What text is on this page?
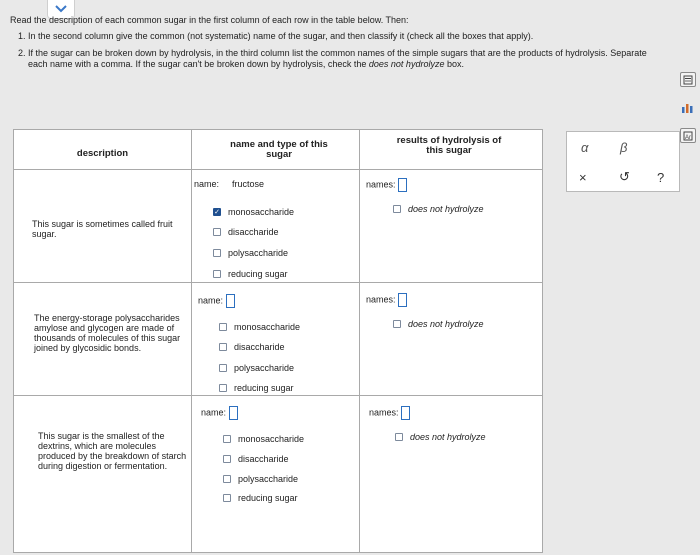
Read the description of each common sugar in the first column of each row in the table below. Then:

1. In the second column give the common (not systematic) name of the sugar, and then classify it (check all the boxes that apply).
2. If the sugar can be broken down by hydrolysis, in the third column list the common names of the simple sugars that are the products of hydrolysis. Separate each name with a comma. If the sugar can't be broken down by hydrolysis, check the does not hydrolyze box.
description
name and type of this sugar
results of hydrolysis of this sugar
This sugar is sometimes called fruit sugar.
name: fructose
✓ monosaccharide
disaccharide
polysaccharide
reducing sugar
names:
does not hydrolyze
The energy-storage polysaccharides amylose and glycogen are made of thousands of molecules of this sugar joined by glycosidic bonds.
name:
monosaccharide
disaccharide
polysaccharide
reducing sugar
names:
does not hydrolyze
This sugar is the smallest of the dextrins, which are molecules produced by the breakdown of starch during digestion or fermentation.
name:
monosaccharide
disaccharide
polysaccharide
reducing sugar
names:
does not hydrolyze
α β
× ↺ ?
Ar
